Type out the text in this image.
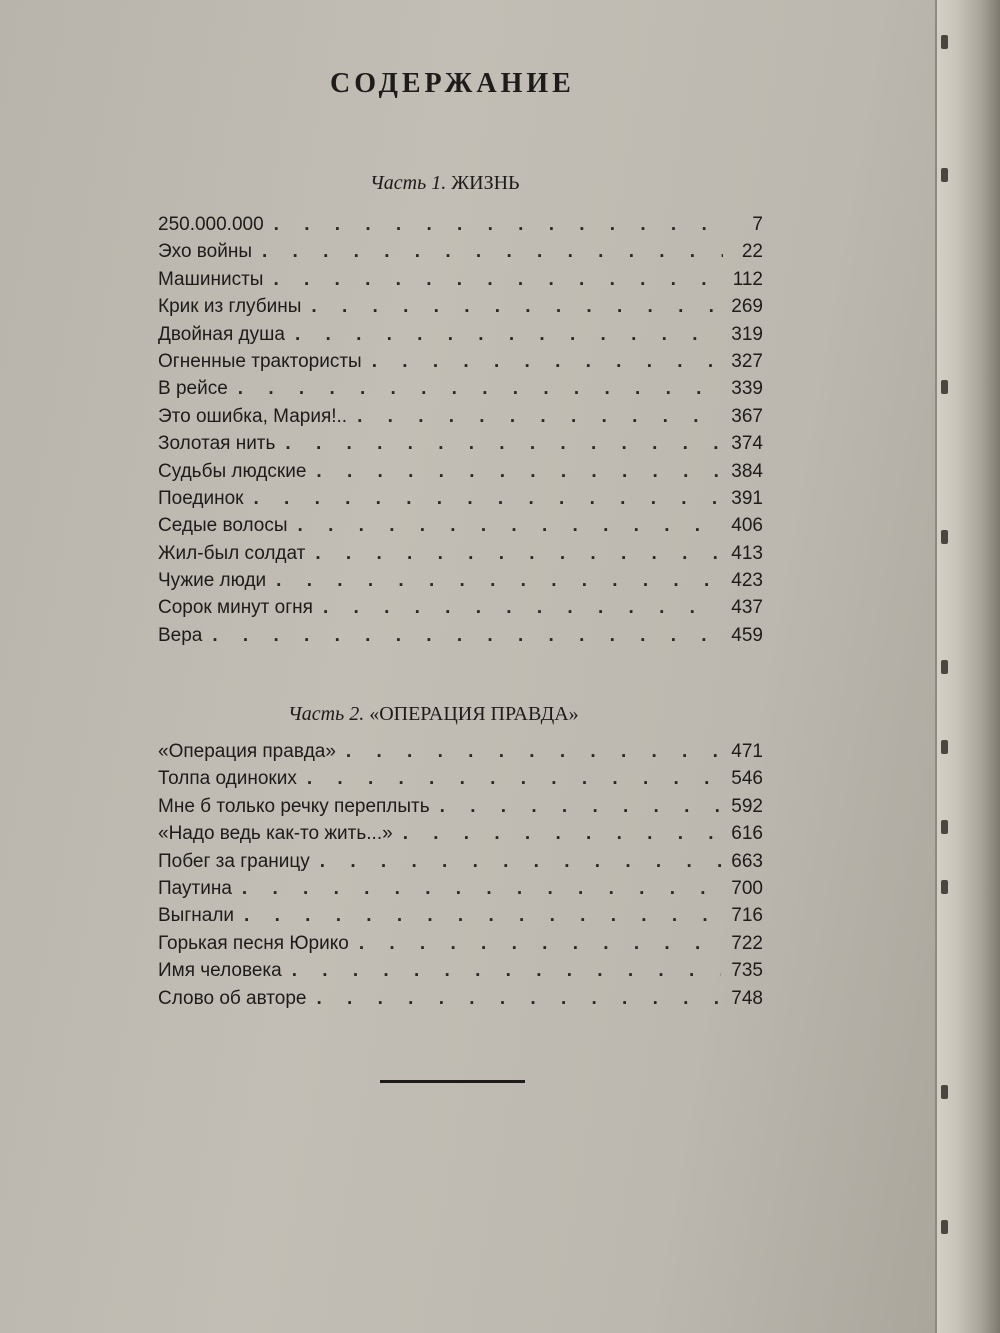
СОДЕРЖАНИЕ
Часть 1. ЖИЗНЬ
250.000.000 . . .	7
Эхо войны . . .	22
Машинисты . . .	112
Крик из глубины . . .	269
Двойная душа . . .	319
Огненные трактористы . . .	327
В рейсе . . .	339
Это ошибка, Мария!.. . . .	367
Золотая нить . . .	374
Судьбы людские . . .	384
Поединок . . .	391
Седые волосы . . .	406
Жил-был солдат . . .	413
Чужие люди . . .	423
Сорок минут огня . . .	437
Вера . . .	459
Часть 2. «ОПЕРАЦИЯ ПРАВДА»
«Операция правда» . . .	471
Толпа одиноких . . .	546
Мне б только речку переплыть . . .	592
«Надо ведь как-то жить...» . . .	616
Побег за границу . . .	663
Паутина . . .	700
Выгнали . . .	716
Горькая песня Юрико . . .	722
Имя человека . . .	735
Слово об авторе . . .	748
